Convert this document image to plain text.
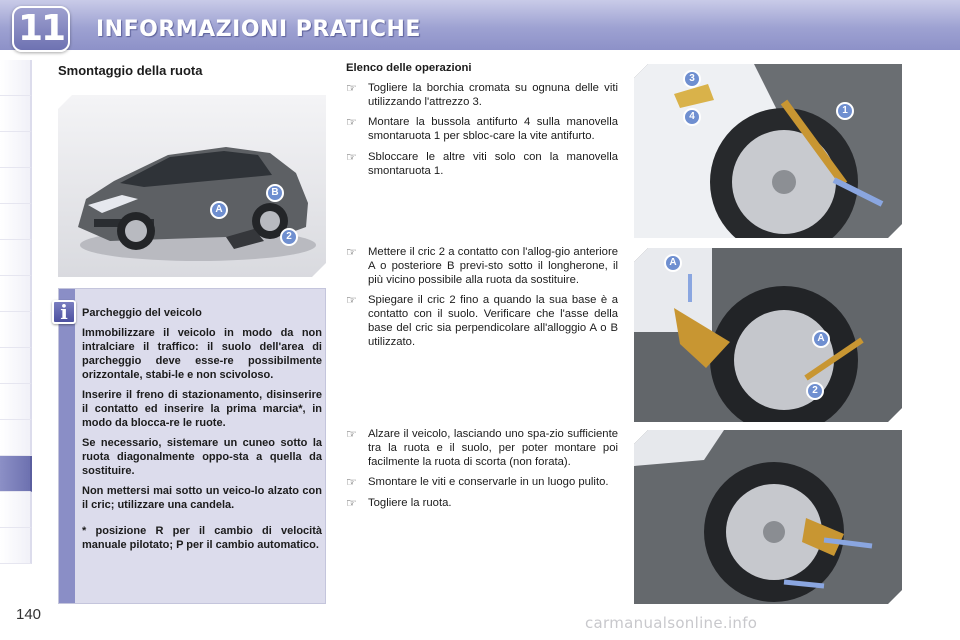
11 INFORMAZIONI PRATICHE
Smontaggio della ruota
A
B
2
i	Parcheggio del veicolo

Immobilizzare il veicolo in modo da non intralciare il traffico: il suolo dell'area di parcheggio deve esse-re possibilmente orizzontale, stabi-le e non scivoloso.

Inserire il freno di stazionamento, disinserire il contatto ed inserire la prima marcia*, in modo da blocca-re le ruote.

Se necessario, sistemare un cuneo sotto la ruota diagonalmente oppo-sta a quella da sostituire.

Non mettersi mai sotto un veico-lo alzato con il cric; utilizzare una candela.

* posizione R per il cambio di velocità manuale pilotato; P per il cambio automatico.

Elenco delle operazioni
☞ Togliere la borchia cromata su ognuna delle viti utilizzando l'attrezzo 3.
☞ Montare la bussola antifurto 4 sulla manovella smontaruota 1 per sbloc-care la vite antifurto.
☞ Sbloccare le altre viti solo con la manovella smontaruota 1.
☞ Mettere il cric 2 a contatto con l'allog-gio anteriore A o posteriore B previ-sto sotto il longherone, il più vicino possibile alla ruota da sostituire.
☞ Spiegare il cric 2 fino a quando la sua base è a contatto con il suolo. Verificare che l'asse della base del cric sia perpendicolare all'alloggio A o B utilizzato.
☞ Alzare il veicolo, lasciando uno spa-zio sufficiente tra la ruota e il suolo, per poter montare poi facilmente la ruota di scorta (non forata).
☞ Smontare le viti e conservarle in un luogo pulito.
☞ Togliere la ruota.
3
1
4
A
A
2
140	carmanualsonline.info
